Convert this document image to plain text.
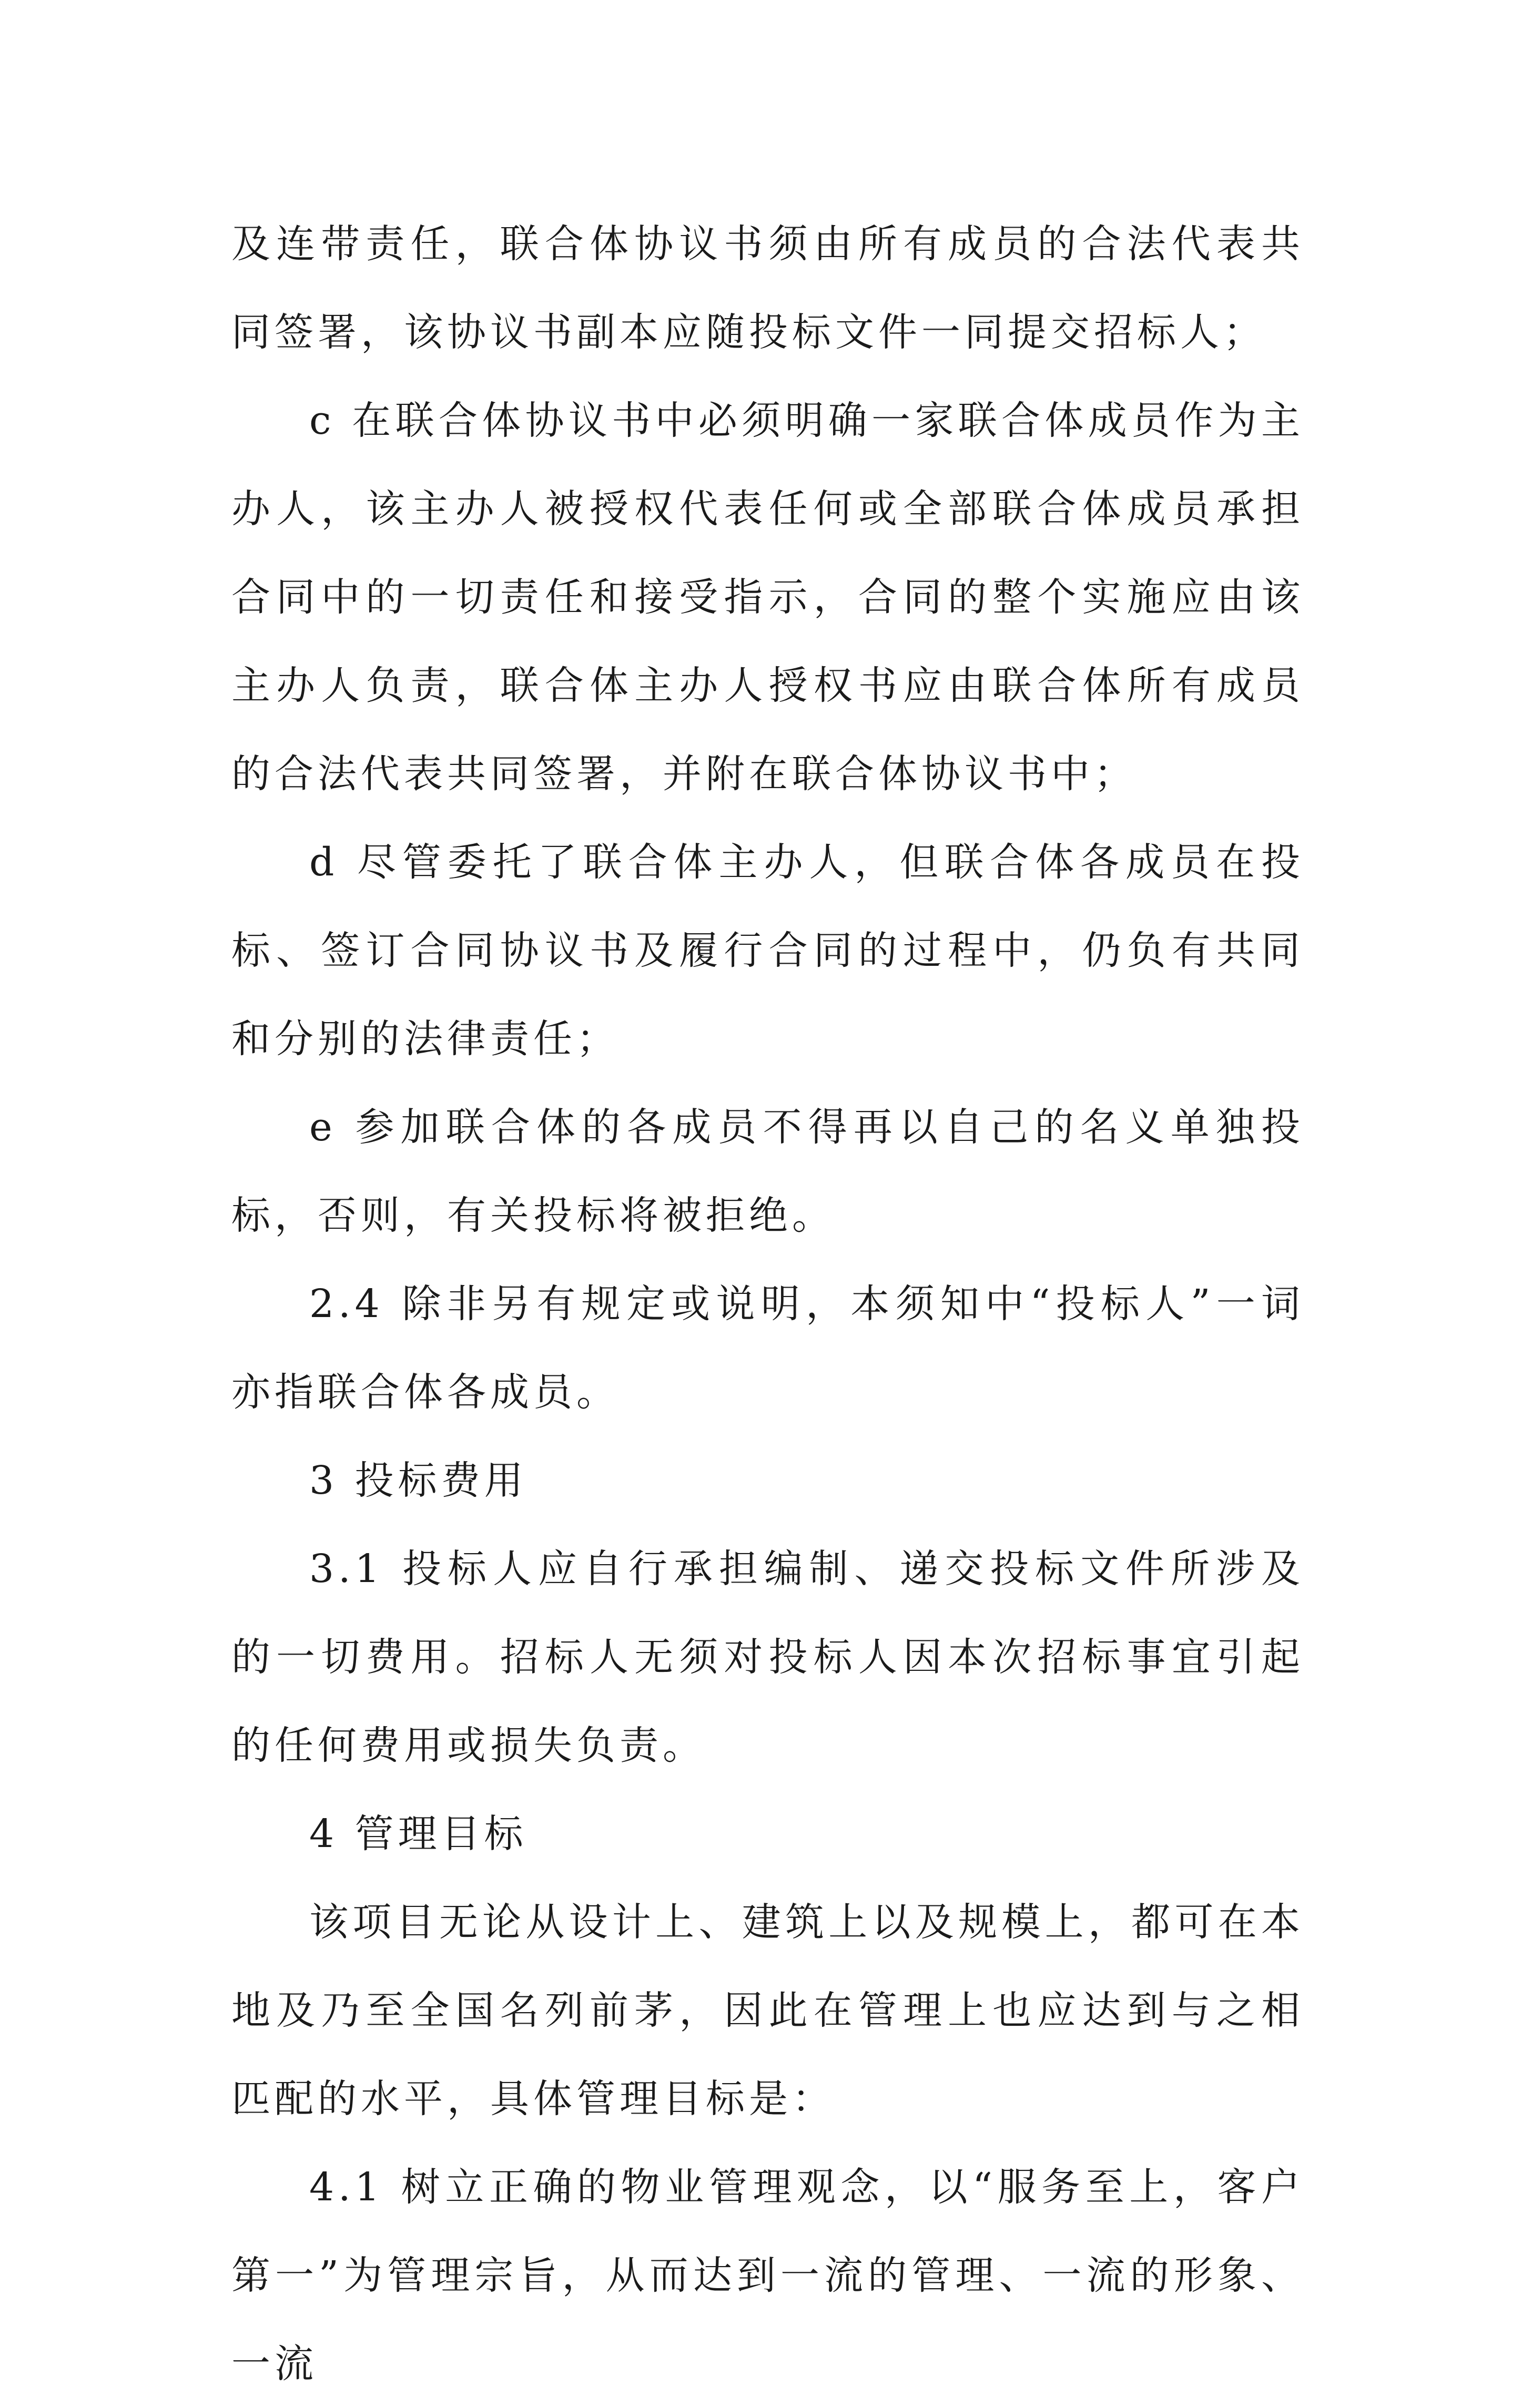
及连带责任，联合体协议书须由所有成员的合法代表共同签署，该协议书副本应随投标文件一同提交招标人；

c 在联合体协议书中必须明确一家联合体成员作为主办人，该主办人被授权代表任何或全部联合体成员承担合同中的一切责任和接受指示，合同的整个实施应由该主办人负责，联合体主办人授权书应由联合体所有成员的合法代表共同签署，并附在联合体协议书中；

d 尽管委托了联合体主办人，但联合体各成员在投标、签订合同协议书及履行合同的过程中，仍负有共同和分别的法律责任；

e 参加联合体的各成员不得再以自己的名义单独投标，否则，有关投标将被拒绝。

2.4 除非另有规定或说明，本须知中“投标人”一词亦指联合体各成员。

3 投标费用

3.1 投标人应自行承担编制、递交投标文件所涉及的一切费用。招标人无须对投标人因本次招标事宜引起的任何费用或损失负责。

4 管理目标

该项目无论从设计上、建筑上以及规模上，都可在本地及乃至全国名列前茅，因此在管理上也应达到与之相匹配的水平，具体管理目标是：

4.1 树立正确的物业管理观念，以“服务至上，客户第一”为管理宗旨，从而达到一流的管理、一流的形象、一流
